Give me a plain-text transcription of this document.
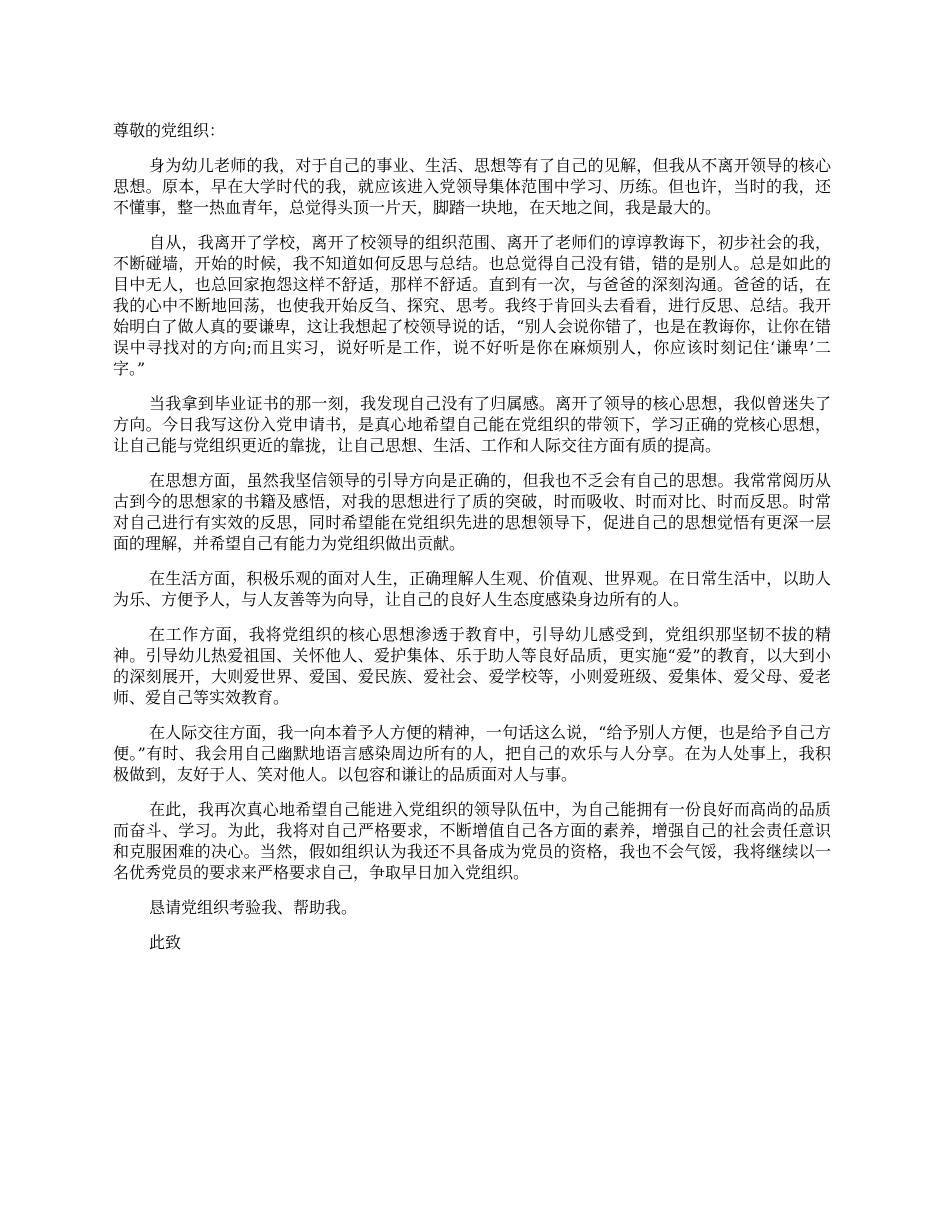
尊敬的党组织：

身为幼儿老师的我，对于自己的事业、生活、思想等有了自己的见解，但我从不离开领导的核心思想。原本，早在大学时代的我，就应该进入党领导集体范围中学习、历练。但也许，当时的我，还不懂事，整一热血青年，总觉得头顶一片天，脚踏一块地，在天地之间，我是最大的。

自从，我离开了学校，离开了校领导的组织范围、离开了老师们的谆谆教诲下，初步社会的我，不断碰墙，开始的时候，我不知道如何反思与总结。也总觉得自己没有错，错的是别人。总是如此的目中无人，也总回家抱怨这样不舒适，那样不舒适。直到有一次，与爸爸的深刻沟通。爸爸的话，在我的心中不断地回荡，也使我开始反刍、探究、思考。我终于肯回头去看看，进行反思、总结。我开始明白了做人真的要谦卑，这让我想起了校领导说的话，“别人会说你错了，也是在教诲你，让你在错误中寻找对的方向;而且实习，说好听是工作，说不好听是你在麻烦别人，你应该时刻记住‘谦卑’二字。”

当我拿到毕业证书的那一刻，我发现自己没有了归属感。离开了领导的核心思想，我似曾迷失了方向。今日我写这份入党申请书，是真心地希望自己能在党组织的带领下，学习正确的党核心思想，让自己能与党组织更近的靠拢，让自己思想、生活、工作和人际交往方面有质的提高。

在思想方面，虽然我坚信领导的引导方向是正确的，但我也不乏会有自己的思想。我常常阅历从古到今的思想家的书籍及感悟，对我的思想进行了质的突破，时而吸收、时而对比、时而反思。时常对自己进行有实效的反思，同时希望能在党组织先进的思想领导下，促进自己的思想觉悟有更深一层面的理解，并希望自己有能力为党组织做出贡献。

在生活方面，积极乐观的面对人生，正确理解人生观、价值观、世界观。在日常生活中，以助人为乐、方便予人，与人友善等为向导，让自己的良好人生态度感染身边所有的人。

在工作方面，我将党组织的核心思想渗透于教育中，引导幼儿感受到，党组织那坚韧不拔的精神。引导幼儿热爱祖国、关怀他人、爱护集体、乐于助人等良好品质，更实施“爱”的教育，以大到小的深刻展开，大则爱世界、爱国、爱民族、爱社会、爱学校等，小则爱班级、爱集体、爱父母、爱老师、爱自己等实效教育。

在人际交往方面，我一向本着予人方便的精神，一句话这么说，“给予别人方便，也是给予自己方便。”有时、我会用自己幽默地语言感染周边所有的人，把自己的欢乐与人分享。在为人处事上，我积极做到，友好于人、笑对他人。以包容和谦让的品质面对人与事。

在此，我再次真心地希望自己能进入党组织的领导队伍中，为自己能拥有一份良好而高尚的品质而奋斗、学习。为此，我将对自己严格要求，不断增值自己各方面的素养，增强自己的社会责任意识和克服困难的决心。当然，假如组织认为我还不具备成为党员的资格，我也不会气馁，我将继续以一名优秀党员的要求来严格要求自己，争取早日加入党组织。

恳请党组织考验我、帮助我。

此致
